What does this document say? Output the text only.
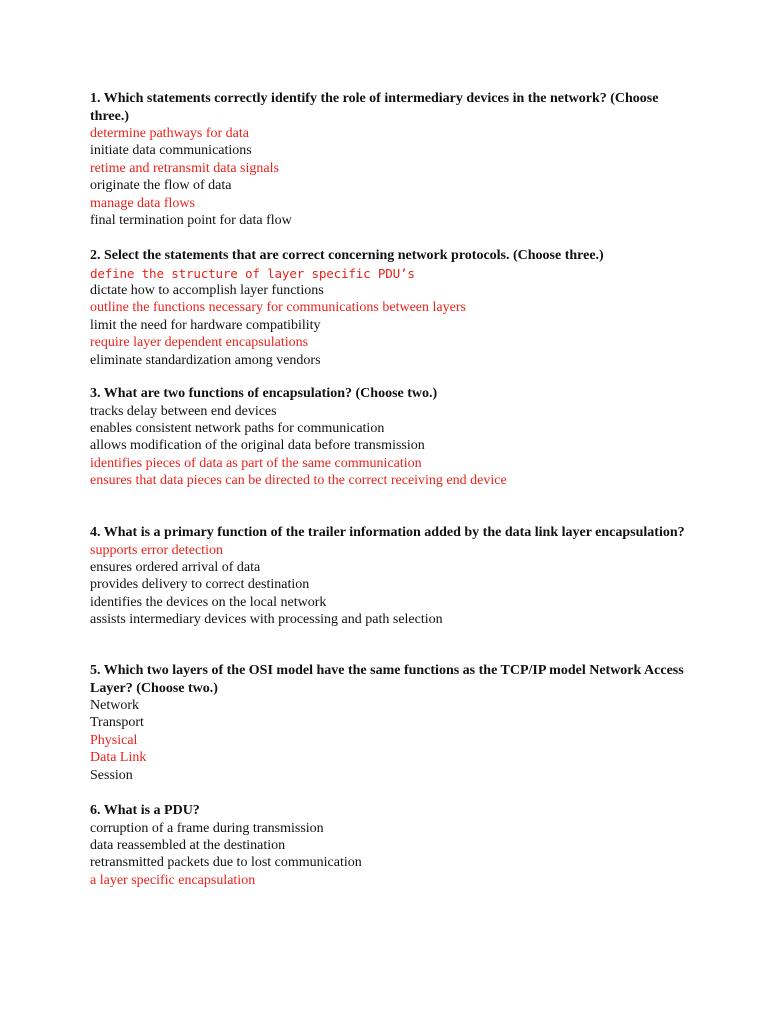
1. Which statements correctly identify the role of intermediary devices in the network? (Choose three.)

determine pathways for data

initiate data communications

retime and retransmit data signals

originate the flow of data

manage data flows

final termination point for data flow

2. Select the statements that are correct concerning network protocols. (Choose three.)

define the structure of layer specific PDU’s

dictate how to accomplish layer functions

outline the functions necessary for communications between layers

limit the need for hardware compatibility

require layer dependent encapsulations

eliminate standardization among vendors

3. What are two functions of encapsulation? (Choose two.)

tracks delay between end devices

enables consistent network paths for communication

allows modification of the original data before transmission

identifies pieces of data as part of the same communication

ensures that data pieces can be directed to the correct receiving end device

4. What is a primary function of the trailer information added by the data link layer encapsulation?

supports error detection

ensures ordered arrival of data

provides delivery to correct destination

identifies the devices on the local network

assists intermediary devices with processing and path selection

5. Which two layers of the OSI model have the same functions as the TCP/IP model Network Access Layer? (Choose two.)

Network

Transport

Physical

Data Link

Session

6. What is a PDU?

corruption of a frame during transmission

data reassembled at the destination

retransmitted packets due to lost communication

a layer specific encapsulation
